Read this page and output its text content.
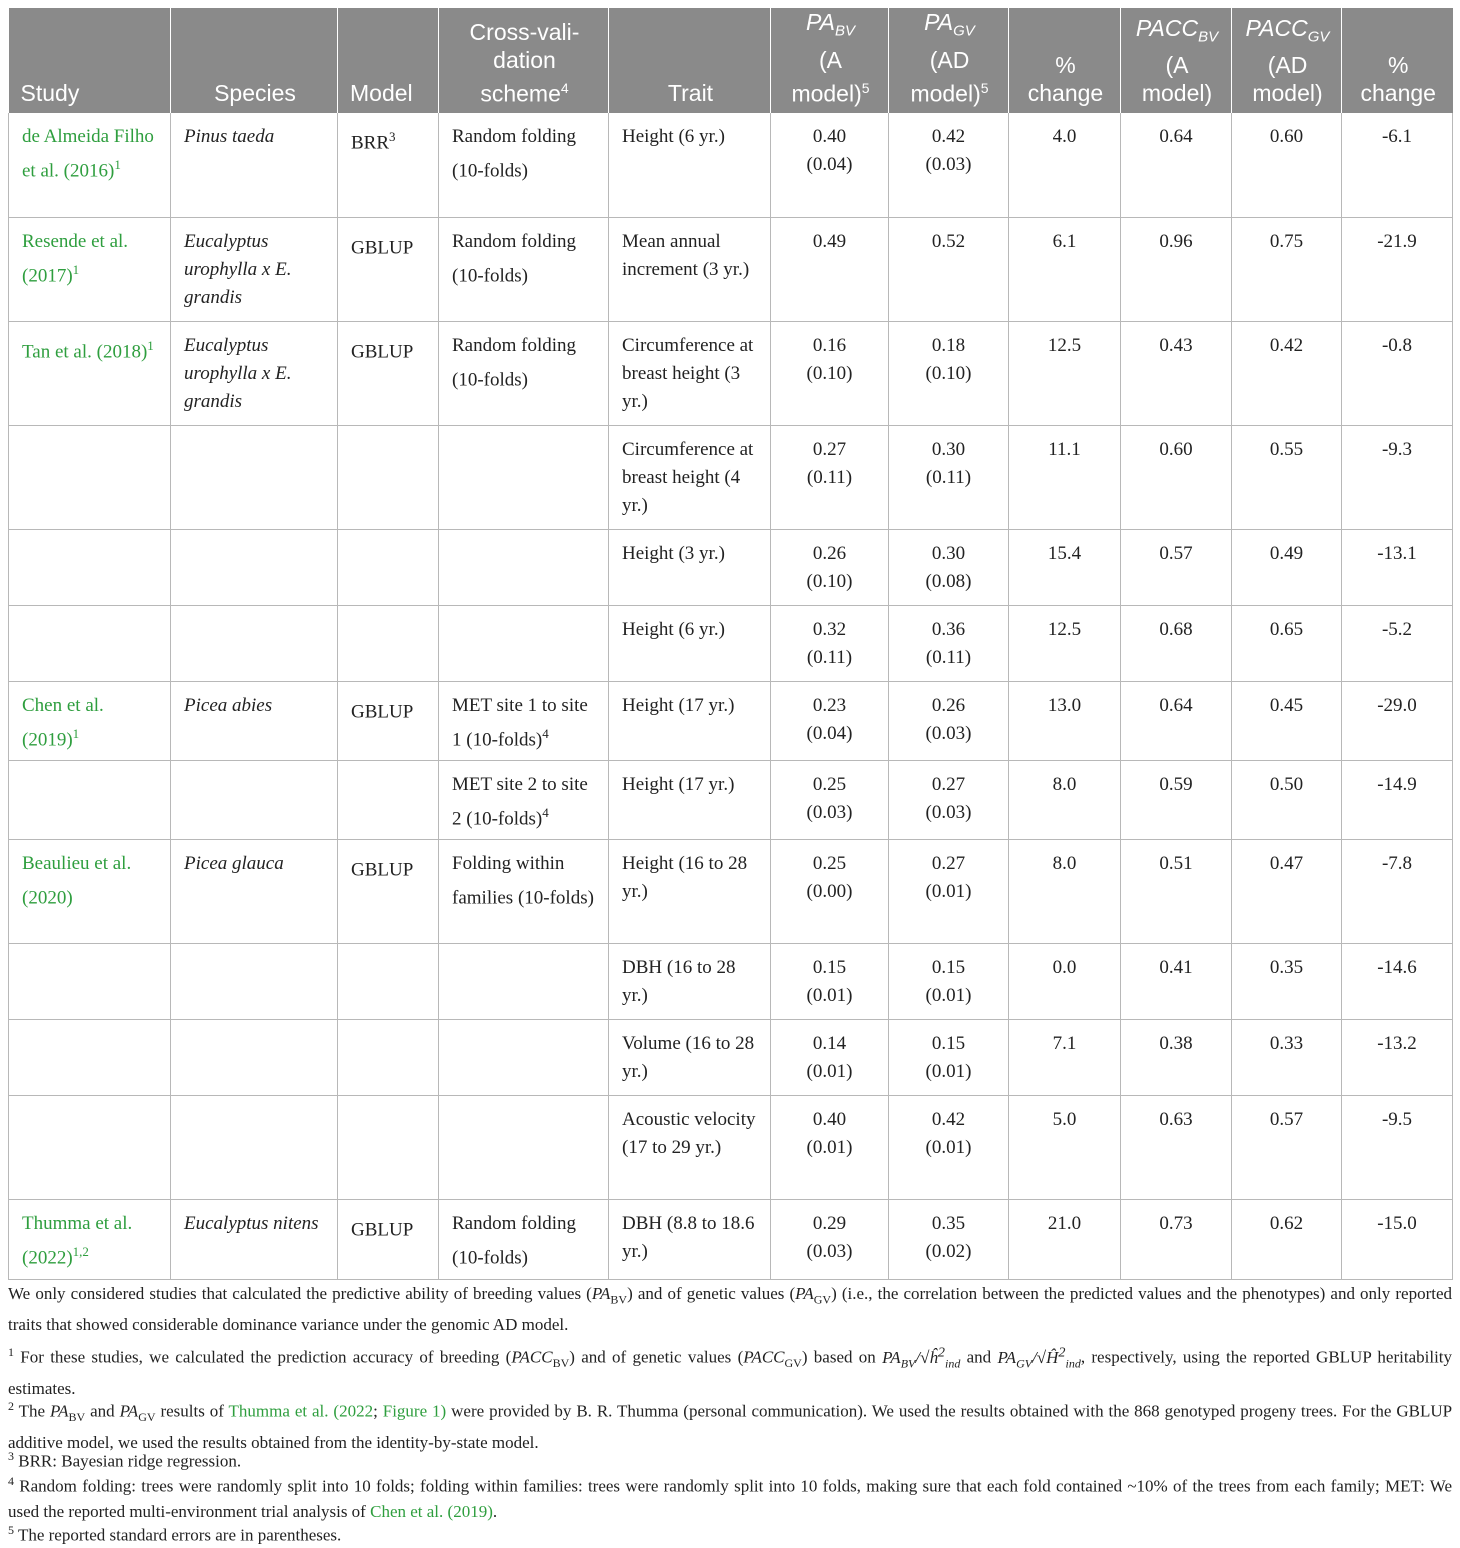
Study	Species	Model	Cross-vali-
dation
scheme$^4$	Trait	$PA_{BV}$
(A
model)$^5$	$PA_{GV}$
(AD
model)$^5$	%
change	$PACC_{BV}$
(A
model)	$PACC_{GV}$
(AD
model)	%
change
de Almeida Filho et al. $(2016)^1$	Pinus taeda	BRR$^3$	Random folding (10-folds)	Height (6 yr.)	0.40
(0.04)	0.42
(0.03)	4.0	0.64	0.60	-6.1
Resende et al. $(2017)^1$	Eucalyptus urophylla x E. grandis	GBLUP	Random folding (10-folds)	Mean annual increment (3 yr.)	0.49	0.52	6.1	0.96	0.75	-21.9
Tan et al. $(2018)^1$	Eucalyptus urophylla x E. grandis	GBLUP	Random folding (10-folds)	Circumference at breast height (3 yr.)	0.16
(0.10)	0.18
(0.10)	12.5	0.43	0.42	-0.8
				Circumference at breast height (4 yr.)	0.27
(0.11)	0.30
(0.11)	11.1	0.60	0.55	-9.3
				Height (3 yr.)	0.26
(0.10)	0.30
(0.08)	15.4	0.57	0.49	-13.1
				Height (6 yr.)	0.32
(0.11)	0.36
(0.11)	12.5	0.68	0.65	-5.2
Chen et al. $(2019)^1$	Picea abies	GBLUP	MET site 1 to site 1 (10-folds)$^4$	Height (17 yr.)	0.23
(0.04)	0.26
(0.03)	13.0	0.64	0.45	-29.0
			MET site 2 to site 2 (10-folds)$^4$	Height (17 yr.)	0.25
(0.03)	0.27
(0.03)	8.0	0.59	0.50	-14.9
Beaulieu et al. (2020)	Picea glauca	GBLUP	Folding within families (10-folds)	Height (16 to 28 yr.)	0.25
(0.00)	0.27
(0.01)	8.0	0.51	0.47	-7.8
				DBH (16 to 28 yr.)	0.15
(0.01)	0.15
(0.01)	0.0	0.41	0.35	-14.6
				Volume (16 to 28 yr.)	0.14
(0.01)	0.15
(0.01)	7.1	0.38	0.33	-13.2
				Acoustic velocity (17 to 29 yr.)	0.40
(0.01)	0.42
(0.01)	5.0	0.63	0.57	-9.5
Thumma et al. $(2022)^{1,2}$	Eucalyptus nitens	GBLUP	Random folding (10-folds)	DBH (8.8 to 18.6 yr.)	0.29
(0.03)	0.35
(0.02)	21.0	0.73	0.62	-15.0
We only considered studies that calculated the predictive ability of breeding values $(PA_{BV})$ and of genetic values $(PA_{GV})$ (i.e., the correlation between the predicted values and the phenotypes) and only reported traits that showed considerable dominance variance under the genomic AD model.
$^1$ For these studies, we calculated the prediction accuracy of breeding $(PACC_{BV})$ and of genetic values $(PACC_{GV})$ based on $PA_{BV}/√ĥ^2_{ind}$ and $PA_{GV}/√Ĥ^2_{ind}$, respectively, using the reported GBLUP heritability estimates.
$^2$ The $PA_{BV}$ and $PA_{GV}$ results of Thumma et al. (2022; Figure 1) were provided by B. R. Thumma (personal communication). We used the results obtained with the 868 genotyped progeny trees. For the GBLUP additive model, we used the results obtained from the identity-by-state model.
$^3$ BRR: Bayesian ridge regression.
$^4$ Random folding: trees were randomly split into 10 folds; folding within families: trees were randomly split into 10 folds, making sure that each fold contained ~10% of the trees from each family; MET: We used the reported multi-environment trial analysis of Chen et al. (2019).
$^5$ The reported standard errors are in parentheses.
